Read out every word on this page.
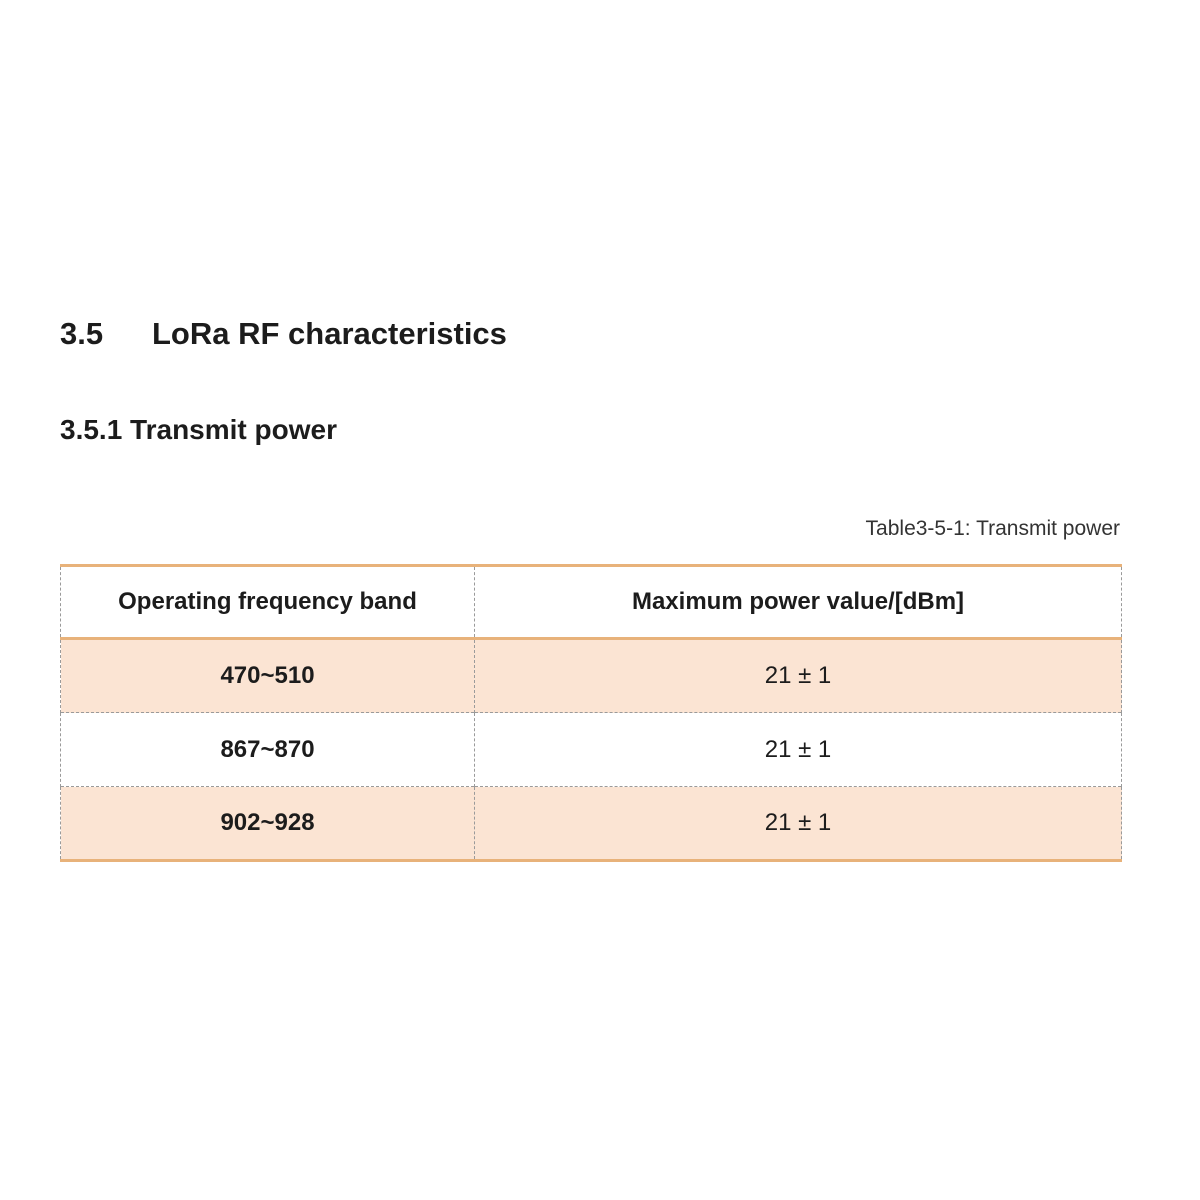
3.5 LoRa RF characteristics
3.5.1 Transmit power
Table3-5-1: Transmit power
Operating frequency band	Maximum power value/[dBm]
470~510	21 ± 1
867~870	21 ± 1
902~928	21 ± 1
